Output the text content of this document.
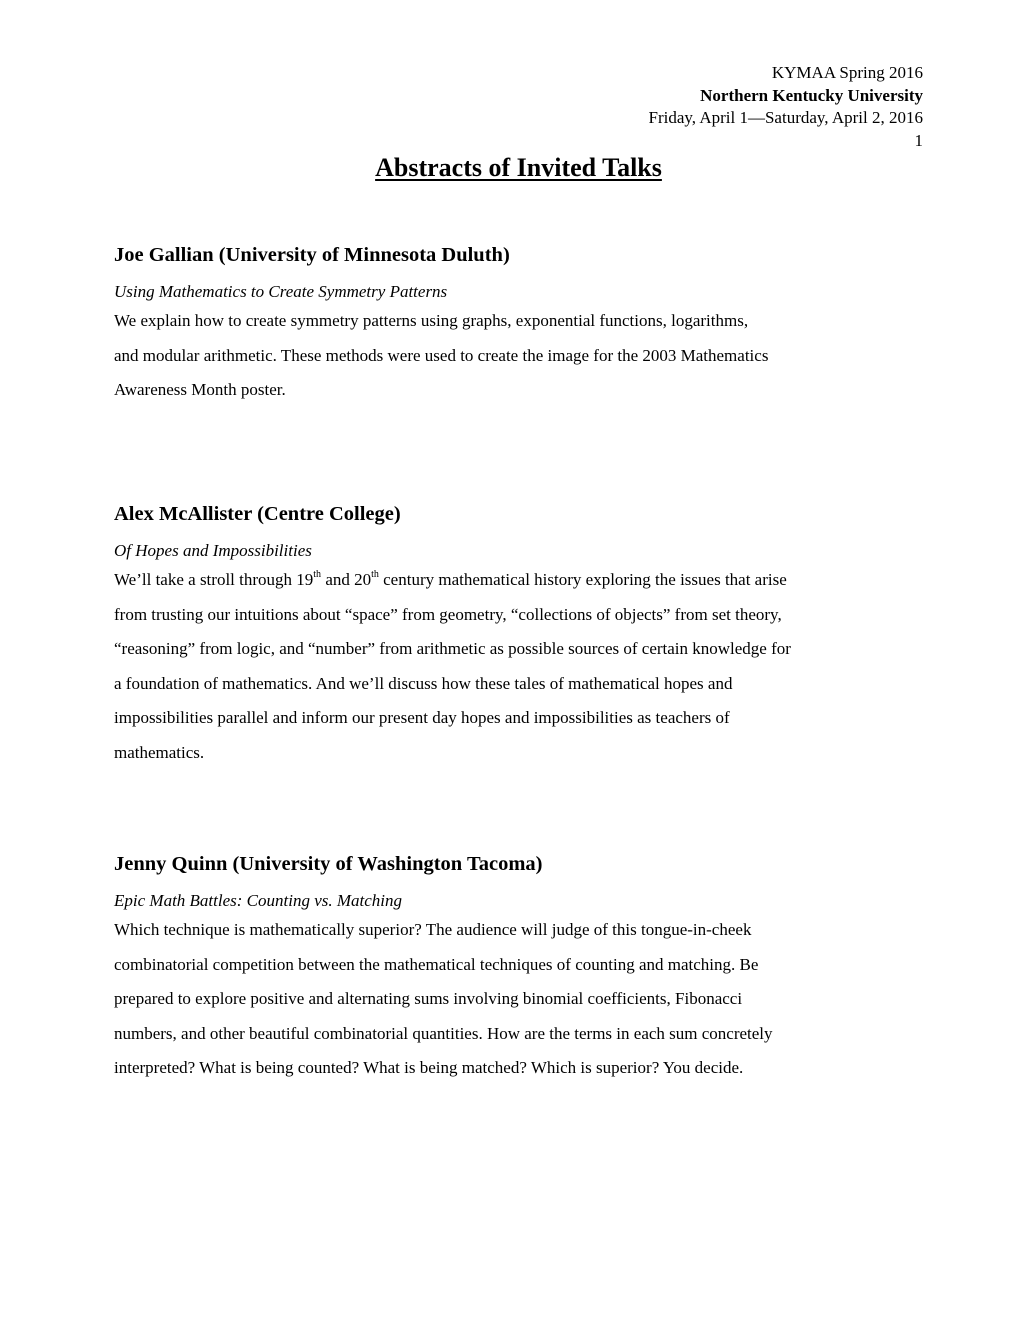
KYMAA Spring 2016
Northern Kentucky University
Friday, April 1—Saturday, April 2, 2016
1
Abstracts of Invited Talks
Joe Gallian (University of Minnesota Duluth)

Using Mathematics to Create Symmetry Patterns

We explain how to create symmetry patterns using graphs, exponential functions, logarithms,
and modular arithmetic. These methods were used to create the image for the 2003 Mathematics
Awareness Month poster.
Alex McAllister (Centre College)

Of Hopes and Impossibilities

We’ll take a stroll through 19th and 20th century mathematical history exploring the issues that arise
from trusting our intuitions about “space” from geometry, “collections of objects” from set theory,
“reasoning” from logic, and “number” from arithmetic as possible sources of certain knowledge for
a foundation of mathematics. And we’ll discuss how these tales of mathematical hopes and
impossibilities parallel and inform our present day hopes and impossibilities as teachers of
mathematics.
Jenny Quinn (University of Washington Tacoma)

Epic Math Battles: Counting vs. Matching

Which technique is mathematically superior? The audience will judge of this tongue-in-cheek
combinatorial competition between the mathematical techniques of counting and matching. Be
prepared to explore positive and alternating sums involving binomial coefficients, Fibonacci
numbers, and other beautiful combinatorial quantities. How are the terms in each sum concretely
interpreted? What is being counted? What is being matched? Which is superior? You decide.
